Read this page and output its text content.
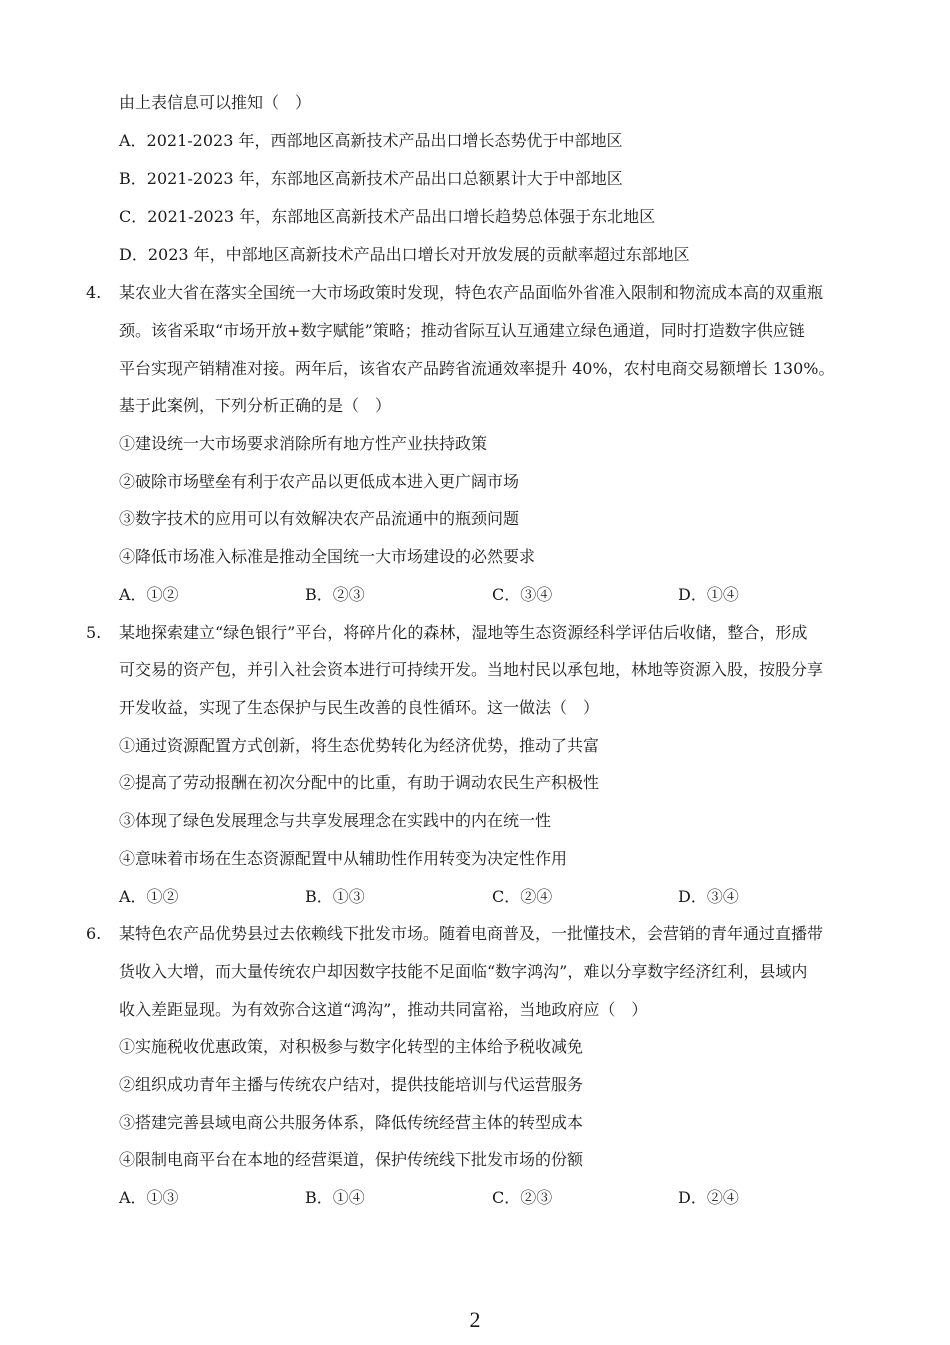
由上表信息可以推知（　）
A．2021-2023 年，西部地区高新技术产品出口增长态势优于中部地区
B．2021-2023 年，东部地区高新技术产品出口总额累计大于中部地区
C．2021-2023 年，东部地区高新技术产品出口增长趋势总体强于东北地区
D．2023 年，中部地区高新技术产品出口增长对开放发展的贡献率超过东部地区
4. 某农业大省在落实全国统一大市场政策时发现，特色农产品面临外省准入限制和物流成本高的双重瓶
颈。该省采取“市场开放+数字赋能”策略；推动省际互认互通建立绿色通道，同时打造数字供应链
平台实现产销精准对接。两年后，该省农产品跨省流通效率提升 40%，农村电商交易额增长 130%。
基于此案例，下列分析正确的是（　）
①建设统一大市场要求消除所有地方性产业扶持政策
②破除市场壁垒有利于农产品以更低成本进入更广阔市场
③数字技术的应用可以有效解决农产品流通中的瓶颈问题
④降低市场准入标准是推动全国统一大市场建设的必然要求
A．①②	B．②③	C．③④	D．①④
5. 某地探索建立“绿色银行”平台，将碎片化的森林，湿地等生态资源经科学评估后收储，整合，形成
可交易的资产包，并引入社会资本进行可持续开发。当地村民以承包地，林地等资源入股，按股分享
开发收益，实现了生态保护与民生改善的良性循环。这一做法（　）
①通过资源配置方式创新，将生态优势转化为经济优势，推动了共富
②提高了劳动报酬在初次分配中的比重，有助于调动农民生产积极性
③体现了绿色发展理念与共享发展理念在实践中的内在统一性
④意味着市场在生态资源配置中从辅助性作用转变为决定性作用
A．①②	B．①③	C．②④	D．③④
6. 某特色农产品优势县过去依赖线下批发市场。随着电商普及，一批懂技术，会营销的青年通过直播带
货收入大增，而大量传统农户却因数字技能不足面临“数字鸿沟”，难以分享数字经济红利，县域内
收入差距显现。为有效弥合这道“鸿沟”，推动共同富裕，当地政府应（　）
①实施税收优惠政策，对积极参与数字化转型的主体给予税收减免
②组织成功青年主播与传统农户结对，提供技能培训与代运营服务
③搭建完善县域电商公共服务体系，降低传统经营主体的转型成本
④限制电商平台在本地的经营渠道，保护传统线下批发市场的份额
A．①③	B．①④	C．②③	D．②④
2
